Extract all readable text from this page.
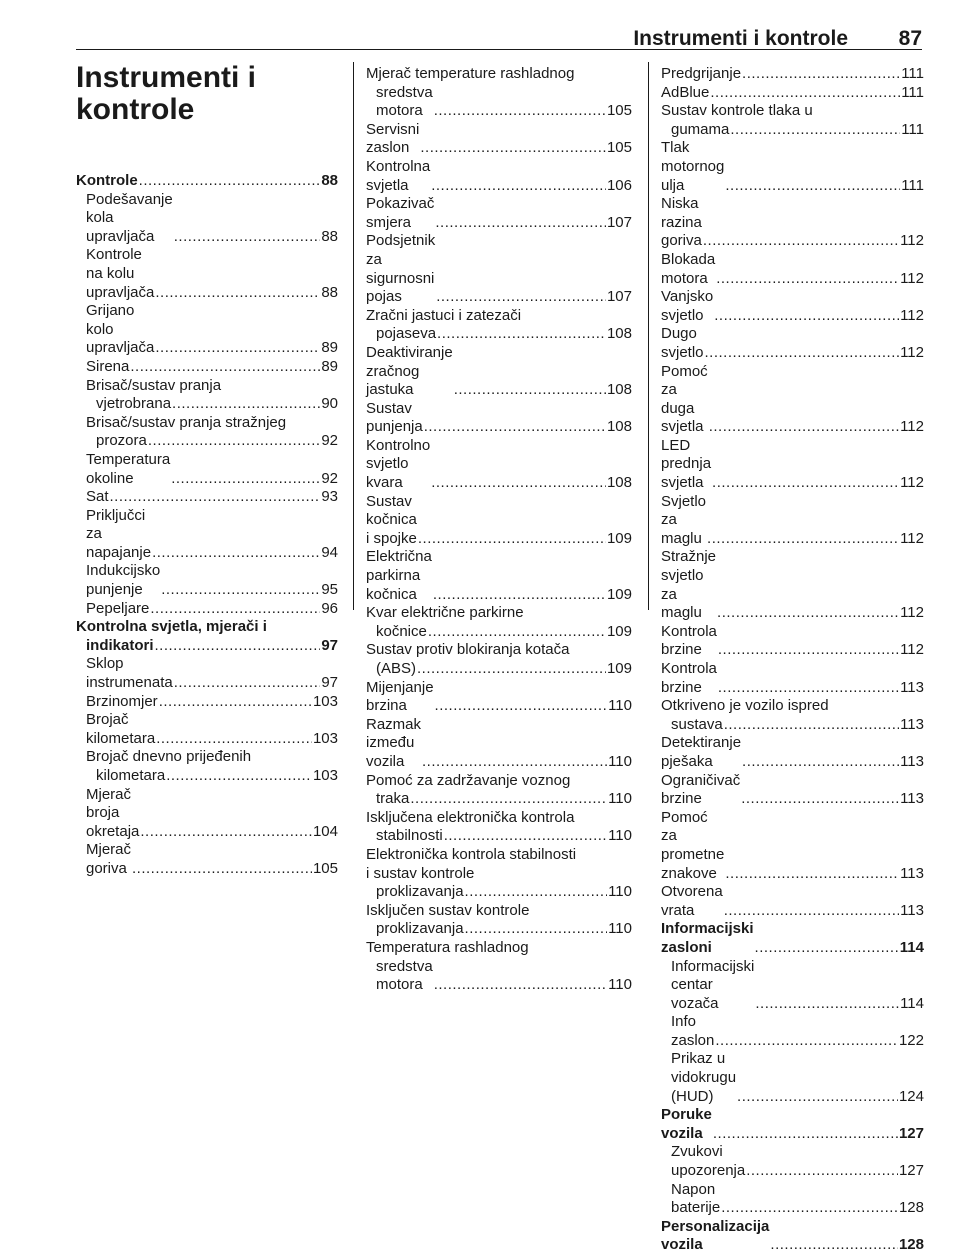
Instrumenti i kontrole 87
Instrumenti i kontrole
Kontrole .....	88
Podešavanje kola upravljača .....	88
Kontrole na kolu upravljača .....	88
Grijano kolo upravljača .....	89
Sirena .....	89
Brisač/sustav pranja
vjetrobrana .....	90
Brisač/sustav pranja stražnjeg
prozora .....	92
Temperatura okoline .....	92
Sat .....	93
Priključci za napajanje .....	94
Indukcijsko punjenje .....	95
Pepeljare .....	96
Kontrolna svjetla, mjerači i
indikatori .....	97
Sklop instrumenata .....	97
Brzinomjer .....	103
Brojač kilometara .....	103
Brojač dnevno prijeđenih
kilometara .....	103
Mjerač broja okretaja .....	104
Mjerač goriva .....	105
Mjerač temperature rashladnog
sredstva motora .....	105
Servisni zaslon .....	105
Kontrolna svjetla .....	106
Pokazivač smjera .....	107
Podsjetnik za sigurnosni pojas .....	107
Zračni jastuci i zatezači
pojaseva .....	108
Deaktiviranje zračnog jastuka .....	108
Sustav punjenja .....	108
Kontrolno svjetlo kvara .....	108
Sustav kočnica i spojke .....	109
Električna parkirna kočnica .....	109
Kvar električne parkirne
kočnice .....	109
Sustav protiv blokiranja kotača
(ABS) .....	109
Mijenjanje brzina .....	110
Razmak između vozila .....	110
Pomoć za zadržavanje voznog
traka .....	110
Isključena elektronička kontrola
stabilnosti .....	110
Elektronička kontrola stabilnosti
i sustav kontrole
proklizavanja .....	110
Isključen sustav kontrole
proklizavanja .....	110
Temperatura rashladnog
sredstva motora .....	110
Predgrijanje .....	111
AdBlue .....	111
Sustav kontrole tlaka u
gumama .....	111
Tlak motornog ulja .....	111
Niska razina goriva .....	112
Blokada motora .....	112
Vanjsko svjetlo .....	112
Dugo svjetlo .....	112
Pomoć za duga svjetla .....	112
LED prednja svjetla .....	112
Svjetlo za maglu .....	112
Stražnje svjetlo za maglu .....	112
Kontrola brzine .....	112
Kontrola brzine .....	113
Otkriveno je vozilo ispred
sustava .....	113
Detektiranje pješaka .....	113
Ograničivač brzine .....	113
Pomoć za prometne znakove .....	113
Otvorena vrata .....	113
Informacijski zasloni .....	114
Informacijski centar vozača .....	114
Info zaslon .....	122
Prikaz u vidokrugu (HUD) .....	124
Poruke vozila .....	127
Zvukovi upozorenja .....	127
Napon baterije .....	128
Personalizacija vozila .....	128
